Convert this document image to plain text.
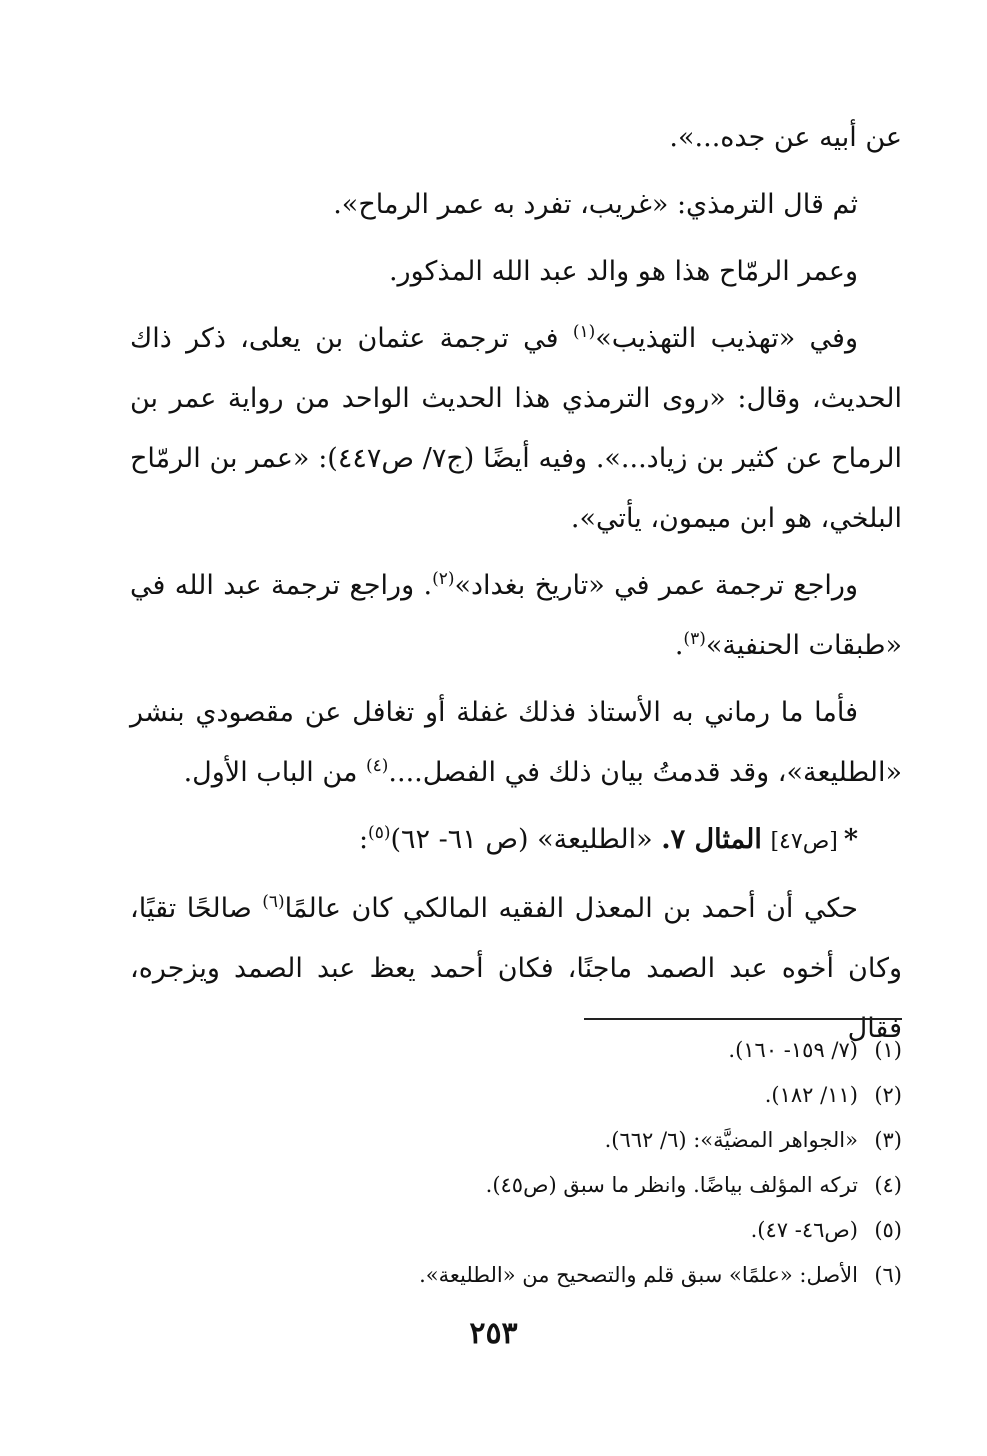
عن أبيه عن جده...».

ثم قال الترمذي: «غريب، تفرد به عمر الرماح».

وعمر الرمّاح هذا هو والد عبد الله المذكور.

وفي «تهذيب التهذيب»$^{(١)}$ في ترجمة عثمان بن يعلى، ذكر ذاك الحديث، وقال: «روى الترمذي هذا الحديث الواحد من رواية عمر بن الرماح عن كثير بن زياد...». وفيه أيضًا (ج٧/ ص٤٤٧): «عمر بن الرمّاح البلخي، هو ابن ميمون، يأتي».

وراجع ترجمة عمر في «تاريخ بغداد»$^{(٢)}$. وراجع ترجمة عبد الله في «طبقات الحنفية»$^{(٣)}$.

فأما ما رماني به الأستاذ فذلك غفلة أو تغافل عن مقصودي بنشر «الطليعة»، وقد قدمتُ بيان ذلك في الفصل....$^{(٤)}$ من الباب الأول.

*[ص٤٧] المثال ٧. «الطليعة» (ص ٦١- ٦٢)$^{(٥)}$:

حكي أن أحمد بن المعذل الفقيه المالكي كان عالمًا$^{(٦)}$ صالحًا تقيًا، وكان أخوه عبد الصمد ماجنًا، فكان أحمد يعظ عبد الصمد ويزجره، فقال

(١)(٧/ ١٥٩- ١٦٠).
(٢)(١١/ ١٨٢).
(٣)«الجواهر المضيَّة»: (٦/ ٦٦٢).
(٤)تركه المؤلف بياضًا. وانظر ما سبق (ص٤٥).
(٥)(ص٤٦- ٤٧).
(٦)الأصل: «علمًا» سبق قلم والتصحيح من «الطليعة».
٢٥٣
